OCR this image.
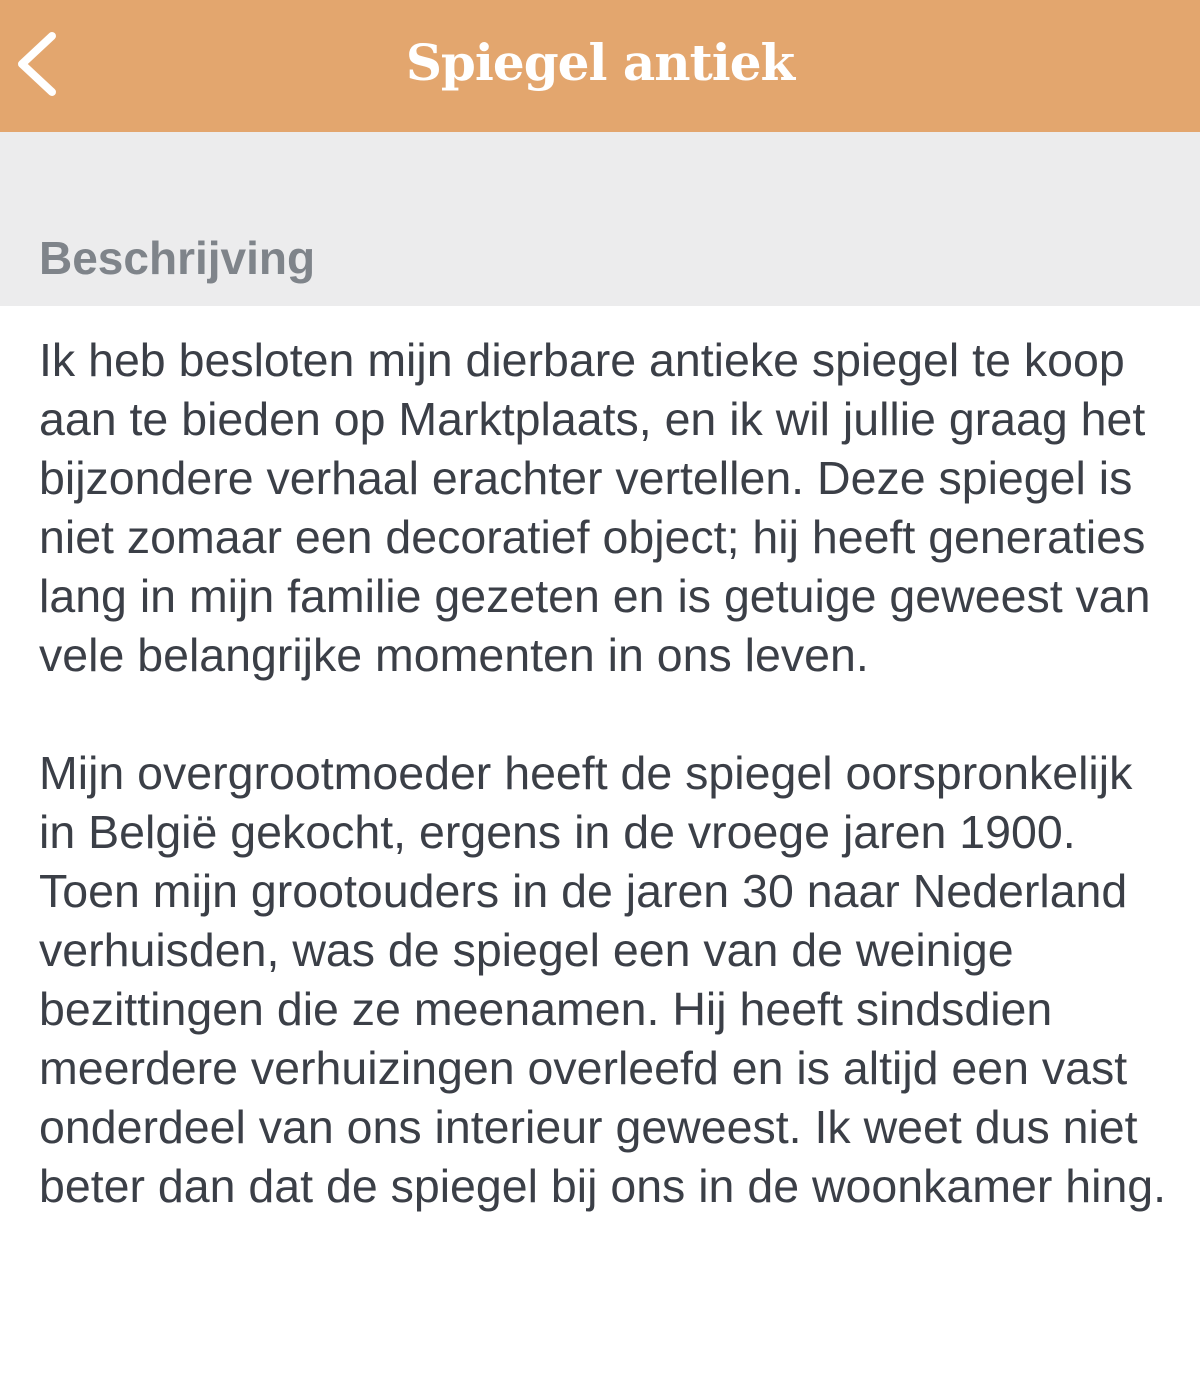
Spiegel antiek
Beschrijving

Ik heb besloten mijn dierbare antieke spiegel te koop aan te bieden op Marktplaats, en ik wil jullie graag het bijzondere verhaal erachter vertellen. Deze spiegel is niet zomaar een decoratief object; hij heeft generaties lang in mijn familie gezeten en is getuige geweest van vele belangrijke momenten in ons leven.

Mijn overgrootmoeder heeft de spiegel oorspronkelijk in België gekocht, ergens in de vroege jaren 1900. Toen mijn grootouders in de jaren 30 naar Nederland verhuisden, was de spiegel een van de weinige bezittingen die ze meenamen. Hij heeft sindsdien meerdere verhuizingen overleefd en is altijd een vast onderdeel van ons interieur geweest. Ik weet dus niet beter dan dat de spiegel bij ons in de woonkamer hing.
